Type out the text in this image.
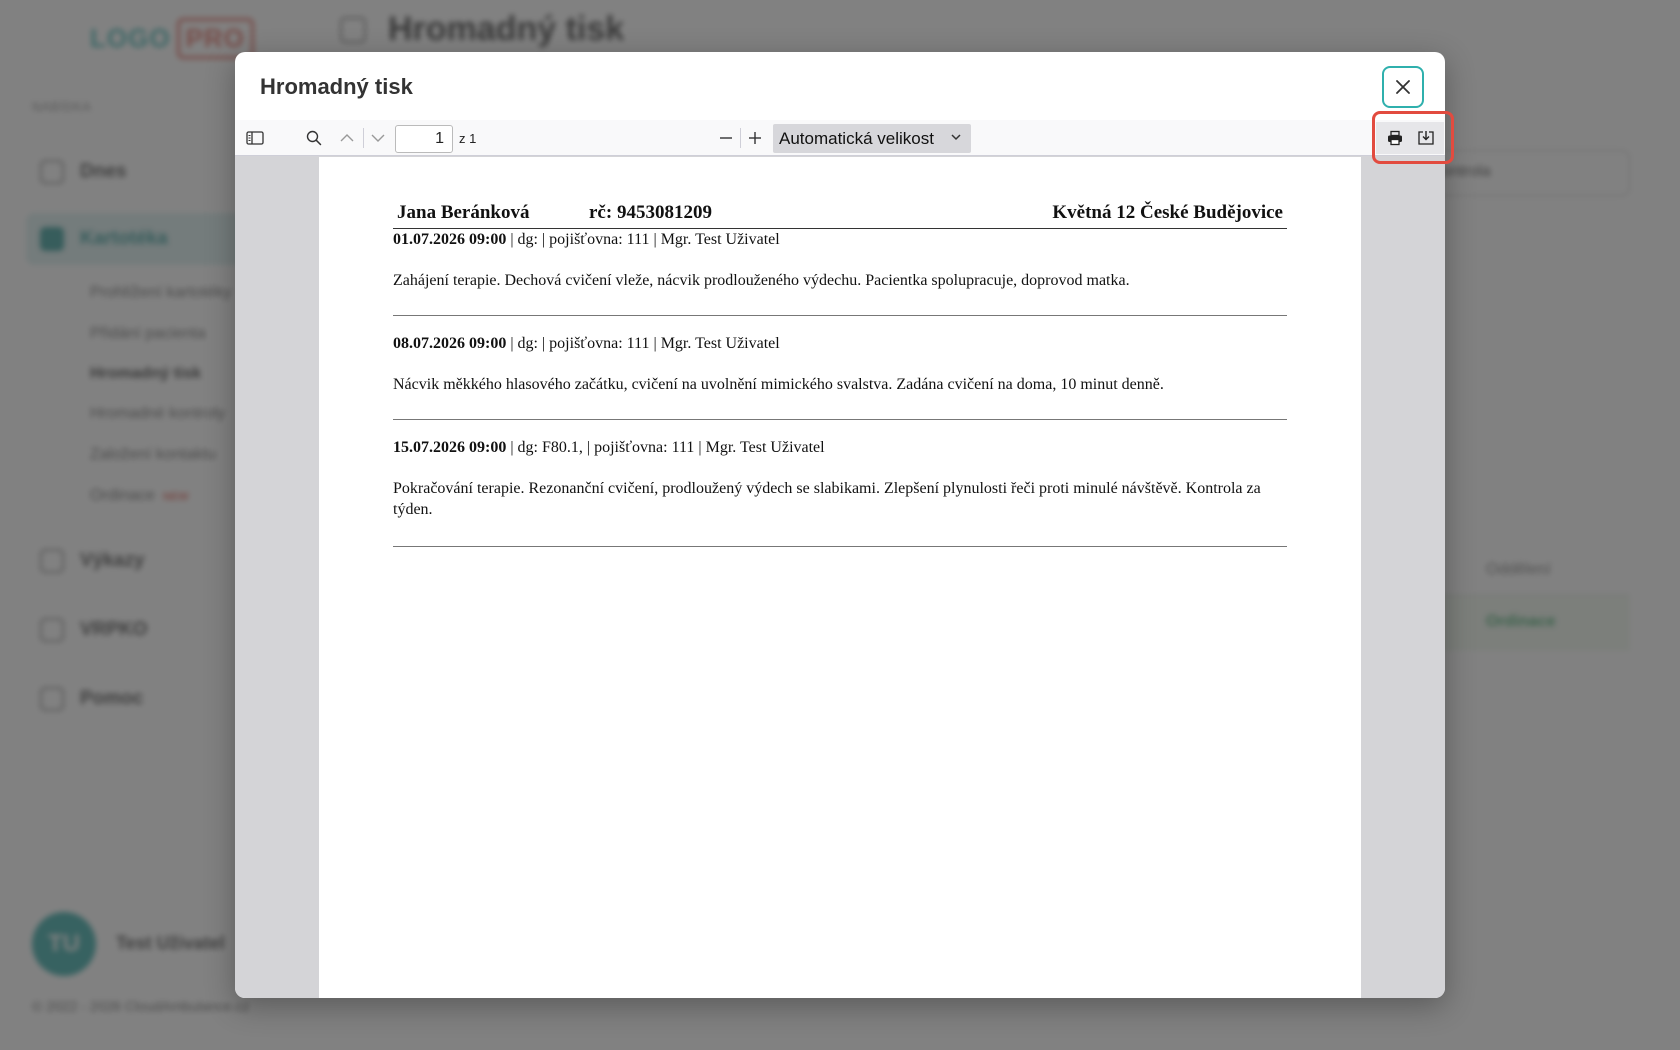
Hromadný tisk
1
z 1	Automatická velikost
Jana Beránková	rč: 9453081209	Květná 12 České Budějovice
01.07.2026 09:00 | dg: | pojišťovna: 111 | Mgr. Test Uživatel
Zahájení terapie. Dechová cvičení vleže, nácvik prodlouženého výdechu. Pacientka spolupracuje, doprovod matka.
08.07.2026 09:00 | dg: | pojišťovna: 111 | Mgr. Test Uživatel
Nácvik měkkého hlasového začátku, cvičení na uvolnění mimického svalstva. Zadána cvičení na doma, 10 minut denně.
15.07.2026 09:00 | dg: F80.1, | pojišťovna: 111 | Mgr. Test Uživatel
Pokračování terapie. Rezonanční cvičení, prodloužený výdech se slabikami. Zlepšení plynulosti řeči proti minulé návštěvě. Kontrola za týden.
